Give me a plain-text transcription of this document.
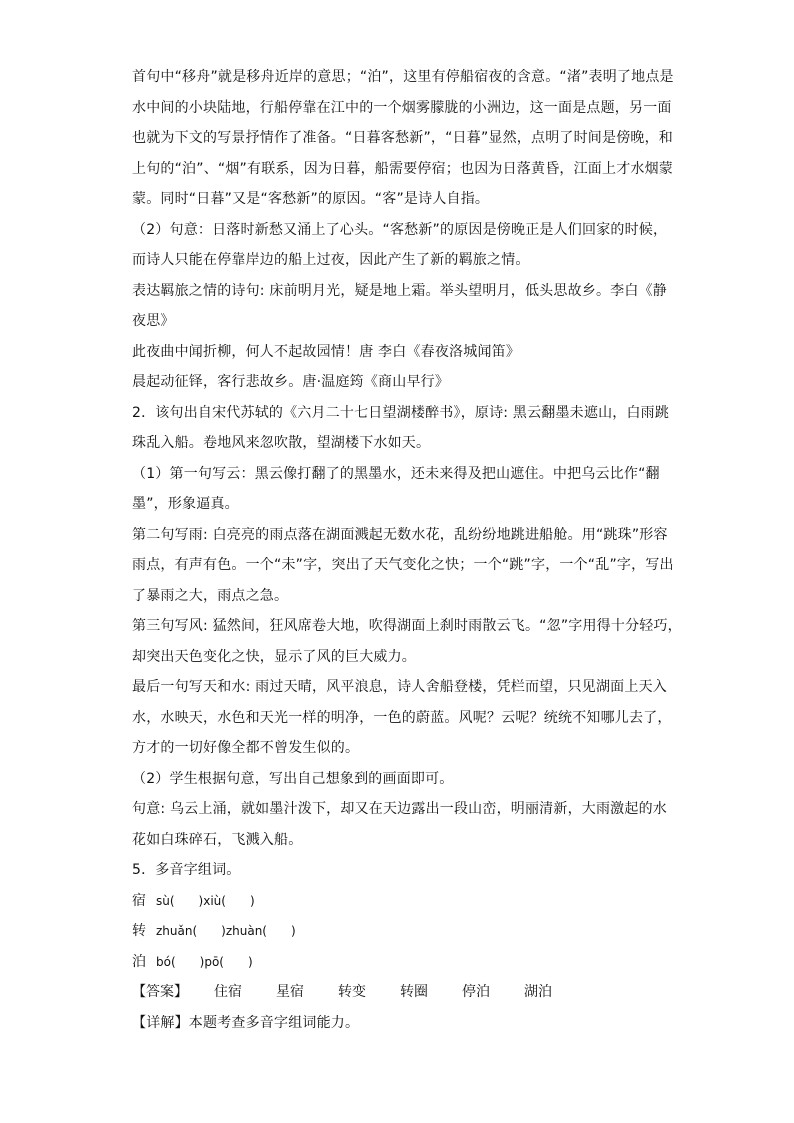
首句中“移舟”就是移舟近岸的意思；“泊”，这里有停船宿夜的含意。“渚”表明了地点是
水中间的小块陆地，行船停靠在江中的一个烟雾朦胧的小洲边，这一面是点题，另一面
也就为下文的写景抒情作了准备。“日暮客愁新”，“日暮”显然，点明了时间是傍晚，和
上句的“泊”、“烟”有联系，因为日暮，船需要停宿；也因为日落黄昏，江面上才水烟蒙
蒙。同时“日暮”又是“客愁新”的原因。“客”是诗人自指。
（2）句意：日落时新愁又涌上了心头。“客愁新”的原因是傍晚正是人们回家的时候，
而诗人只能在停靠岸边的船上过夜，因此产生了新的羁旅之情。
表达羁旅之情的诗句: 床前明月光，疑是地上霜。举头望明月，低头思故乡。李白《静
夜思》
此夜曲中闻折柳，何人不起故园情！唐 李白《春夜洛城闻笛》
晨起动征铎，客行悲故乡。唐·温庭筠《商山早行》
2．该句出自宋代苏轼的《六月二十七日望湖楼醉书》，原诗: 黑云翻墨未遮山，白雨跳
珠乱入船。卷地风来忽吹散，望湖楼下水如天。
（1）第一句写云：黑云像打翻了的黑墨水，还未来得及把山遮住。中把乌云比作“翻
墨”，形象逼真。
第二句写雨: 白亮亮的雨点落在湖面溅起无数水花，乱纷纷地跳进船舱。用“跳珠”形容
雨点，有声有色。一个“未”字，突出了天气变化之快；一个“跳”字，一个“乱”字，写出
了暴雨之大，雨点之急。
第三句写风: 猛然间，狂风席卷大地，吹得湖面上刹时雨散云飞。“忽”字用得十分轻巧，
却突出天色变化之快，显示了风的巨大威力。
最后一句写天和水: 雨过天晴，风平浪息，诗人舍船登楼，凭栏而望，只见湖面上天入
水，水映天，水色和天光一样的明净，一色的蔚蓝。风呢？云呢？统统不知哪儿去了，
方才的一切好像全都不曾发生似的。
（2）学生根据句意，写出自己想象到的画面即可。
句意: 乌云上涌，就如墨汁泼下，却又在天边露出一段山峦，明丽清新，大雨激起的水
花如白珠碎石，飞溅入船。
5．多音字组词。
宿 sù(　　)xiù(　　)
转 zhuǎn(　　)zhuàn(　　)
泊 bó(　　)pō(　　)
【答案】	住宿 星宿 转变 转圈 停泊 湖泊
【详解】本题考查多音字组词能力。
